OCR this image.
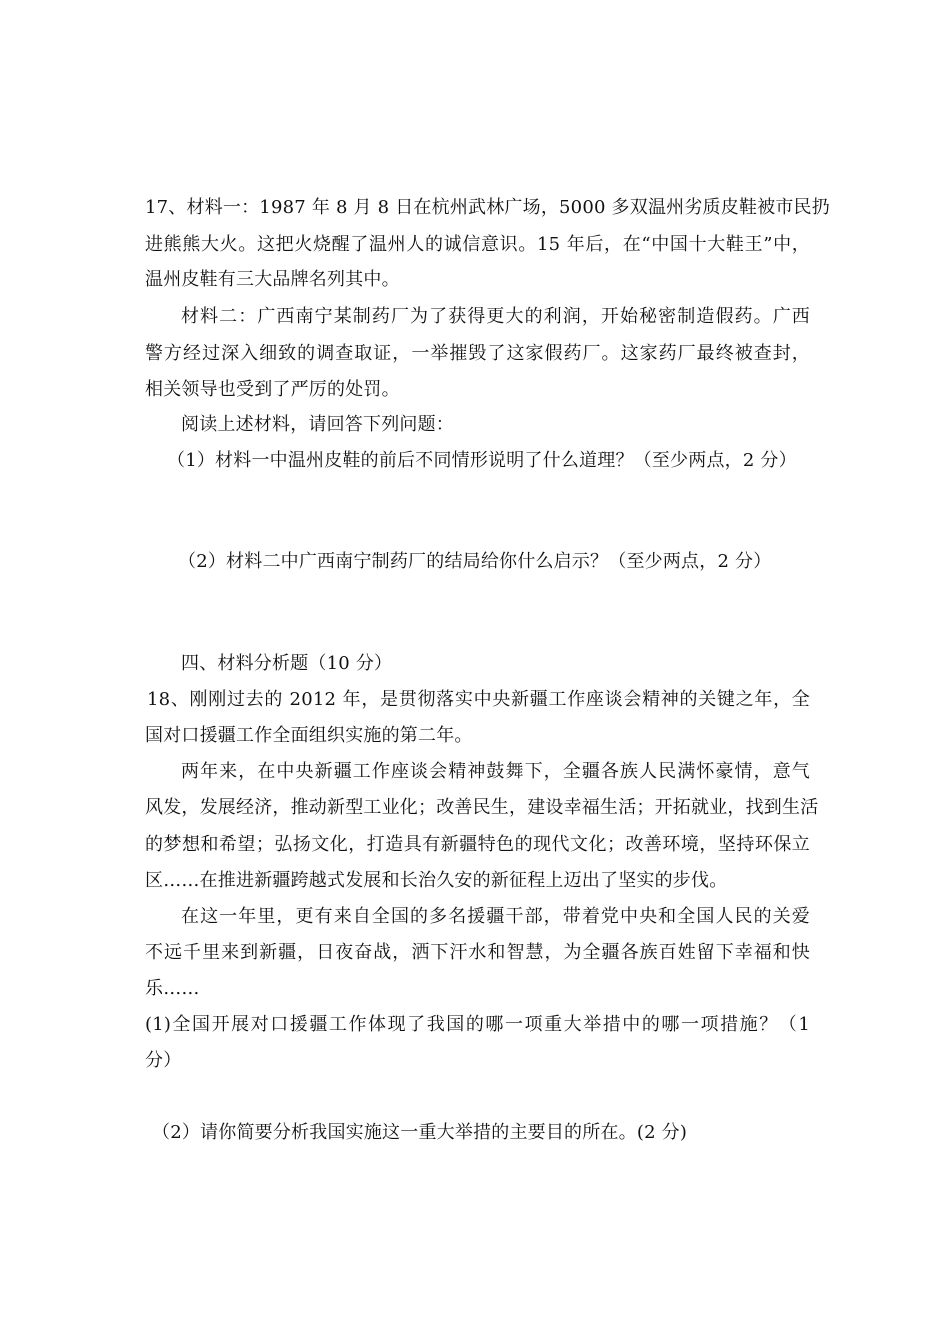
17、材料一：1987 年 8 月 8 日在杭州武林广场，5000 多双温州劣质皮鞋被市民扔
进熊熊大火。这把火烧醒了温州人的诚信意识。15 年后，在“中国十大鞋王”中，
温州皮鞋有三大品牌名列其中。
材料二：广西南宁某制药厂为了获得更大的利润，开始秘密制造假药。广西
警方经过深入细致的调查取证，一举摧毁了这家假药厂。这家药厂最终被查封，
相关领导也受到了严厉的处罚。
阅读上述材料，请回答下列问题：
（1）材料一中温州皮鞋的前后不同情形说明了什么道理？（至少两点，2 分）
（2）材料二中广西南宁制药厂的结局给你什么启示？（至少两点，2 分）
四、材料分析题（10 分）
18、刚刚过去的 2012 年，是贯彻落实中央新疆工作座谈会精神的关键之年，全
国对口援疆工作全面组织实施的第二年。
两年来，在中央新疆工作座谈会精神鼓舞下，全疆各族人民满怀豪情，意气
风发，发展经济，推动新型工业化；改善民生，建设幸福生活；开拓就业，找到生活
的梦想和希望；弘扬文化，打造具有新疆特色的现代文化；改善环境，坚持环保立
区……在推进新疆跨越式发展和长治久安的新征程上迈出了坚实的步伐。
在这一年里，更有来自全国的多名援疆干部，带着党中央和全国人民的关爱
不远千里来到新疆，日夜奋战，洒下汗水和智慧，为全疆各族百姓留下幸福和快
乐……
(1)全国开展对口援疆工作体现了我国的哪一项重大举措中的哪一项措施？（1
分）
（2）请你简要分析我国实施这一重大举措的主要目的所在。(2 分)
